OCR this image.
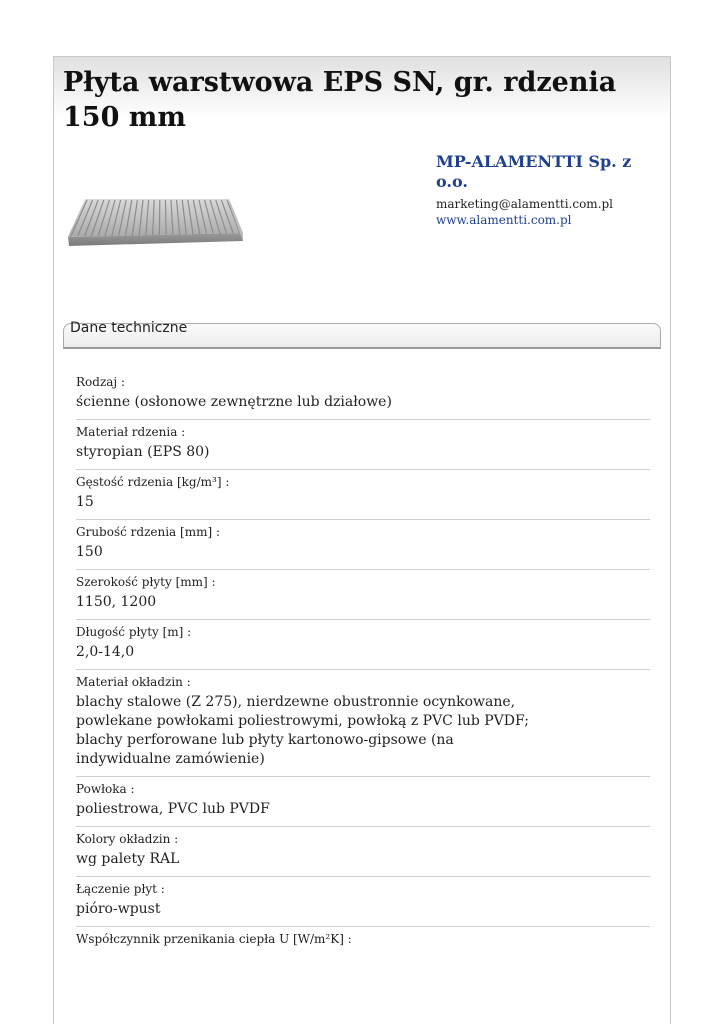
Płyta warstwowa EPS SN, gr. rdzenia 150 mm
MP-ALAMENTTI Sp. z o.o.
marketing@alamentti.com.pl
www.alamentti.com.pl
Dane techniczne
Rodzaj :
ścienne (osłonowe zewnętrzne lub działowe)
Materiał rdzenia :
styropian (EPS 80)
Gęstość rdzenia [kg/m³] :
15
Grubość rdzenia [mm] :
150
Szerokość płyty [mm] :
1150, 1200
Długość płyty [m] :
2,0-14,0
Materiał okładzin :
blachy stalowe (Z 275), nierdzewne obustronnie ocynkowane, powlekane powłokami poliestrowymi, powłoką z PVC lub PVDF; blachy perforowane lub płyty kartonowo-gipsowe (na indywidualne zamówienie)
Powłoka :
poliestrowa, PVC lub PVDF
Kolory okładzin :
wg palety RAL
Łączenie płyt :
pióro-wpust
Współczynnik przenikania ciepła U [W/m²K] :
